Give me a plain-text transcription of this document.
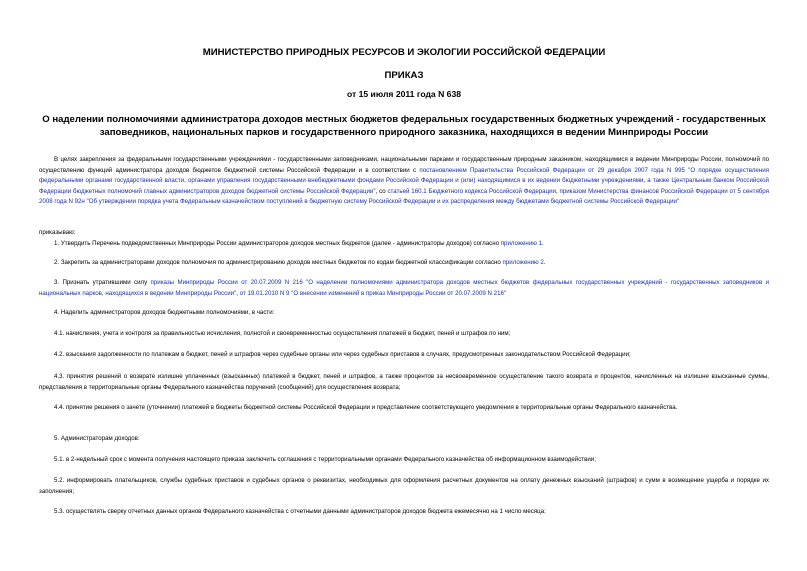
МИНИСТЕРСТВО ПРИРОДНЫХ РЕСУРСОВ И ЭКОЛОГИИ РОССИЙСКОЙ ФЕДЕРАЦИИ
ПРИКАЗ
от 15 июля 2011 года N 638
О наделении полномочиями администратора доходов местных бюджетов федеральных государственных бюджетных учреждений - государственных
заповедников, национальных парков и государственного природного заказника, находящихся в ведении Минприроды России
В целях закрепления за федеральными государственными учреждениями - государственными заповедниками, национальными парками и государственным природным заказником, находящимися в ведении Минприроды России, полномочий по осуществлению функций администратора доходов бюджетов бюджетной системы Российской Федерации и в соответствии с постановлением Правительства Российской Федерации от 29 декабря 2007 года N 995 "О порядке осуществления федеральными органами государственной власти, органами управления государственными внебюджетными фондами Российской Федерации и (или) находящимися в их ведении бюджетными учреждениями, а также Центральным банком Российской Федерации бюджетных полномочий главных администраторов доходов бюджетной системы Российской Федерации", со статьей 160.1 Бюджетного кодекса Российской Федерации, приказом Министерства финансов Российской Федерации от 5 сентября 2008 года N 92н "Об утверждении порядка учета Федеральным казначейством поступлений в бюджетную систему Российской Федерации и их распределения между бюджетами бюджетной системы Российской Федерации"
приказываю:
1. Утвердить Перечень подведомственных Минприроды России администраторов доходов местных бюджетов (далее - администраторы доходов) согласно приложению 1.
2. Закрепить за администраторами доходов полномочия по администрированию доходов местных бюджетов по кодам бюджетной классификации согласно приложению 2.
3. Признать утратившими силу приказы Минприроды России от 20.07.2009 N 216 "О наделении полномочиями администратора доходов местных бюджетов федеральных государственных учреждений - государственных заповедников и национальных парков, находящихся в ведении Минприроды России", от 19.01.2010 N 9 "О внесении изменений в приказ Минприроды России от 20.07.2009 N 216"
4. Наделить администраторов доходов бюджетными полномочиями, в части:
4.1. начисления, учета и контроля за правильностью исчисления, полнотой и своевременностью осуществления платежей в бюджет, пеней и штрафов по ним;
4.2. взыскания задолженности по платежам в бюджет, пеней и штрафов через судебные органы или через судебных приставов в случаях, предусмотренных законодательством Российской Федерации;
4.3. принятия решений о возврате излишне уплаченных (взысканных) платежей в бюджет, пеней и штрафов, а также процентов за несвоевременное осуществление такого возврата и процентов, начисленных на излишне взысканные суммы, представления в территориальные органы Федерального казначейства поручений (сообщений) для осуществления возврата;
4.4. принятие решения о зачете (уточнении) платежей в бюджеты бюджетной системы Российской Федерации и представление соответствующего уведомления в территориальные органы Федерального казначейства.
5. Администраторам доходов:
5.1. в 2-недельный срок с момента получения настоящего приказа заключить соглашения с территориальными органами Федерального казначейства об информационном взаимодействии;
5.2. информировать плательщиков, службы судебных приставов и судебных органов о реквизитах, необходимых для оформления расчетных документов на оплату денежных взысканий (штрафов) и сумм в возмещение ущерба и порядке их заполнения;
5.3. осуществлять сверку отчетных данных органов Федерального казначейства с отчетными данными администраторов доходов бюджета ежемесячно на 1 число месяца;
